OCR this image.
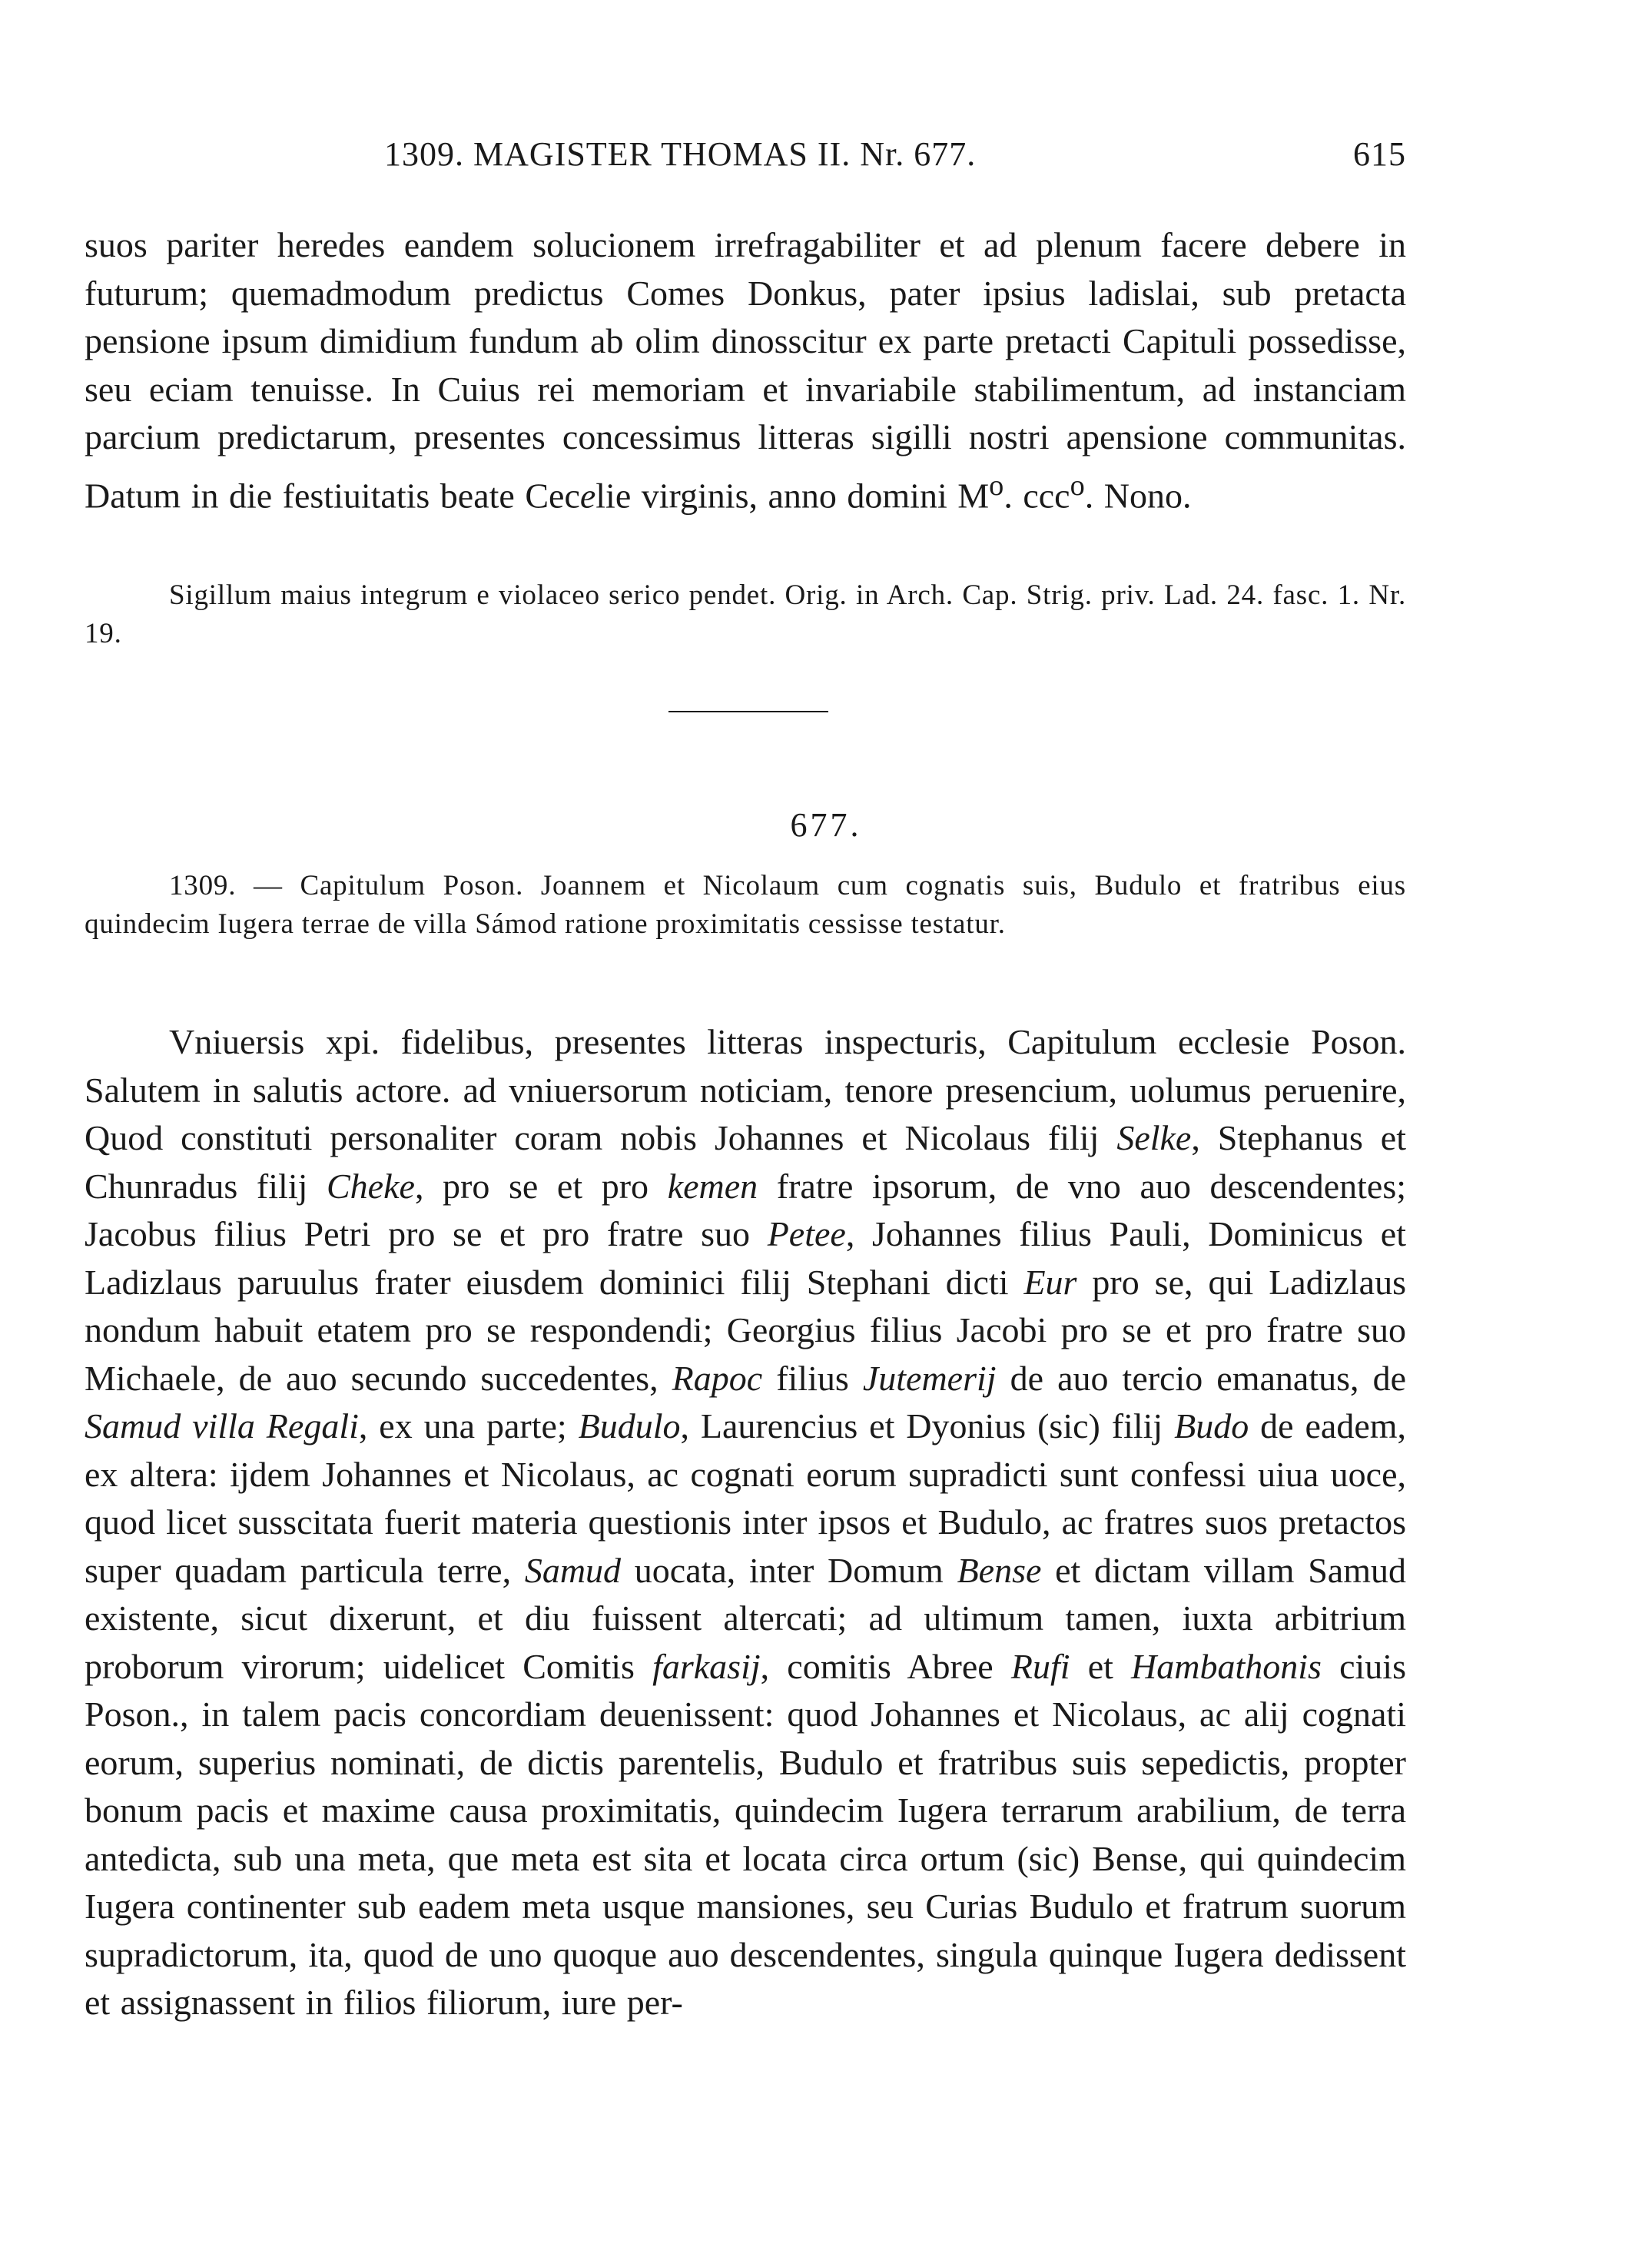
1309. MAGISTER THOMAS II. Nr. 677.	615

suos pariter heredes eandem solucionem irrefragabiliter et ad plenum facere debere in futurum; quemadmodum predictus Comes Donkus, pater ipsius ladislai, sub pretacta pensione ipsum dimidium fundum ab olim dinosscitur ex parte pretacti Capituli possedisse, seu eciam tenuisse. In Cuius rei memoriam et invariabile stabilimentum, ad instanciam parcium predictarum, presentes concessimus litteras sigilli nostri apensione communitas. Datum in die festiuitatis beate Cecelie virginis, anno domini $M^o$. ccc$^o$. Nono.

Sigillum maius integrum e violaceo serico pendet. Orig. in Arch. Cap. Strig. priv. Lad. 24. fasc. 1. Nr. 19.

677.

1309. — Capitulum Poson. Joannem et Nicolaum cum cognatis suis, Budulo et fratribus eius quindecim Iugera terrae de villa Sámod ratione proximitatis cessisse testatur.

Vniuersis xpi. fidelibus, presentes litteras inspecturis, Capitulum ecclesie Poson. Salutem in salutis actore. ad vniuersorum noticiam, tenore presencium, uolumus peruenire, Quod constituti personaliter coram nobis Johannes et Nicolaus filij Selke, Stephanus et Chunradus filij Cheke, pro se et pro kemen fratre ipsorum, de vno auo descendentes; Jacobus filius Petri pro se et pro fratre suo Petee, Johannes filius Pauli, Dominicus et Ladizlaus paruulus frater eiusdem dominici filij Stephani dicti Eur pro se, qui Ladizlaus nondum habuit etatem pro se respondendi; Georgius filius Jacobi pro se et pro fratre suo Michaele, de auo secundo succedentes, Rapoc filius Jutemerij de auo tercio emanatus, de Samud villa Regali, ex una parte; Budulo, Laurencius et Dyonius (sic) filij Budo de eadem, ex altera: ijdem Johannes et Nicolaus, ac cognati eorum supradicti sunt confessi uiua uoce, quod licet susscitata fuerit materia questionis inter ipsos et Budulo, ac fratres suos pretactos super quadam particula terre, Samud uocata, inter Domum Bense et dictam villam Samud existente, sicut dixerunt, et diu fuissent altercati; ad ultimum tamen, iuxta arbitrium proborum virorum; uidelicet Comitis farkasij, comitis Abree Rufi et Hambathonis ciuis Poson., in talem pacis concordiam deuenissent: quod Johannes et Nicolaus, ac alij cognati eorum, superius nominati, de dictis parentelis, Budulo et fratribus suis sepedictis, propter bonum pacis et maxime causa proximitatis, quindecim Iugera terrarum arabilium, de terra antedicta, sub una meta, que meta est sita et locata circa ortum (sic) Bense, qui quindecim Iugera continenter sub eadem meta usque mansiones, seu Curias Budulo et fratrum suorum supradictorum, ita, quod de uno quoque auo descendentes, singula quinque Iugera dedissent et assignassent in filios filiorum, iure per-
